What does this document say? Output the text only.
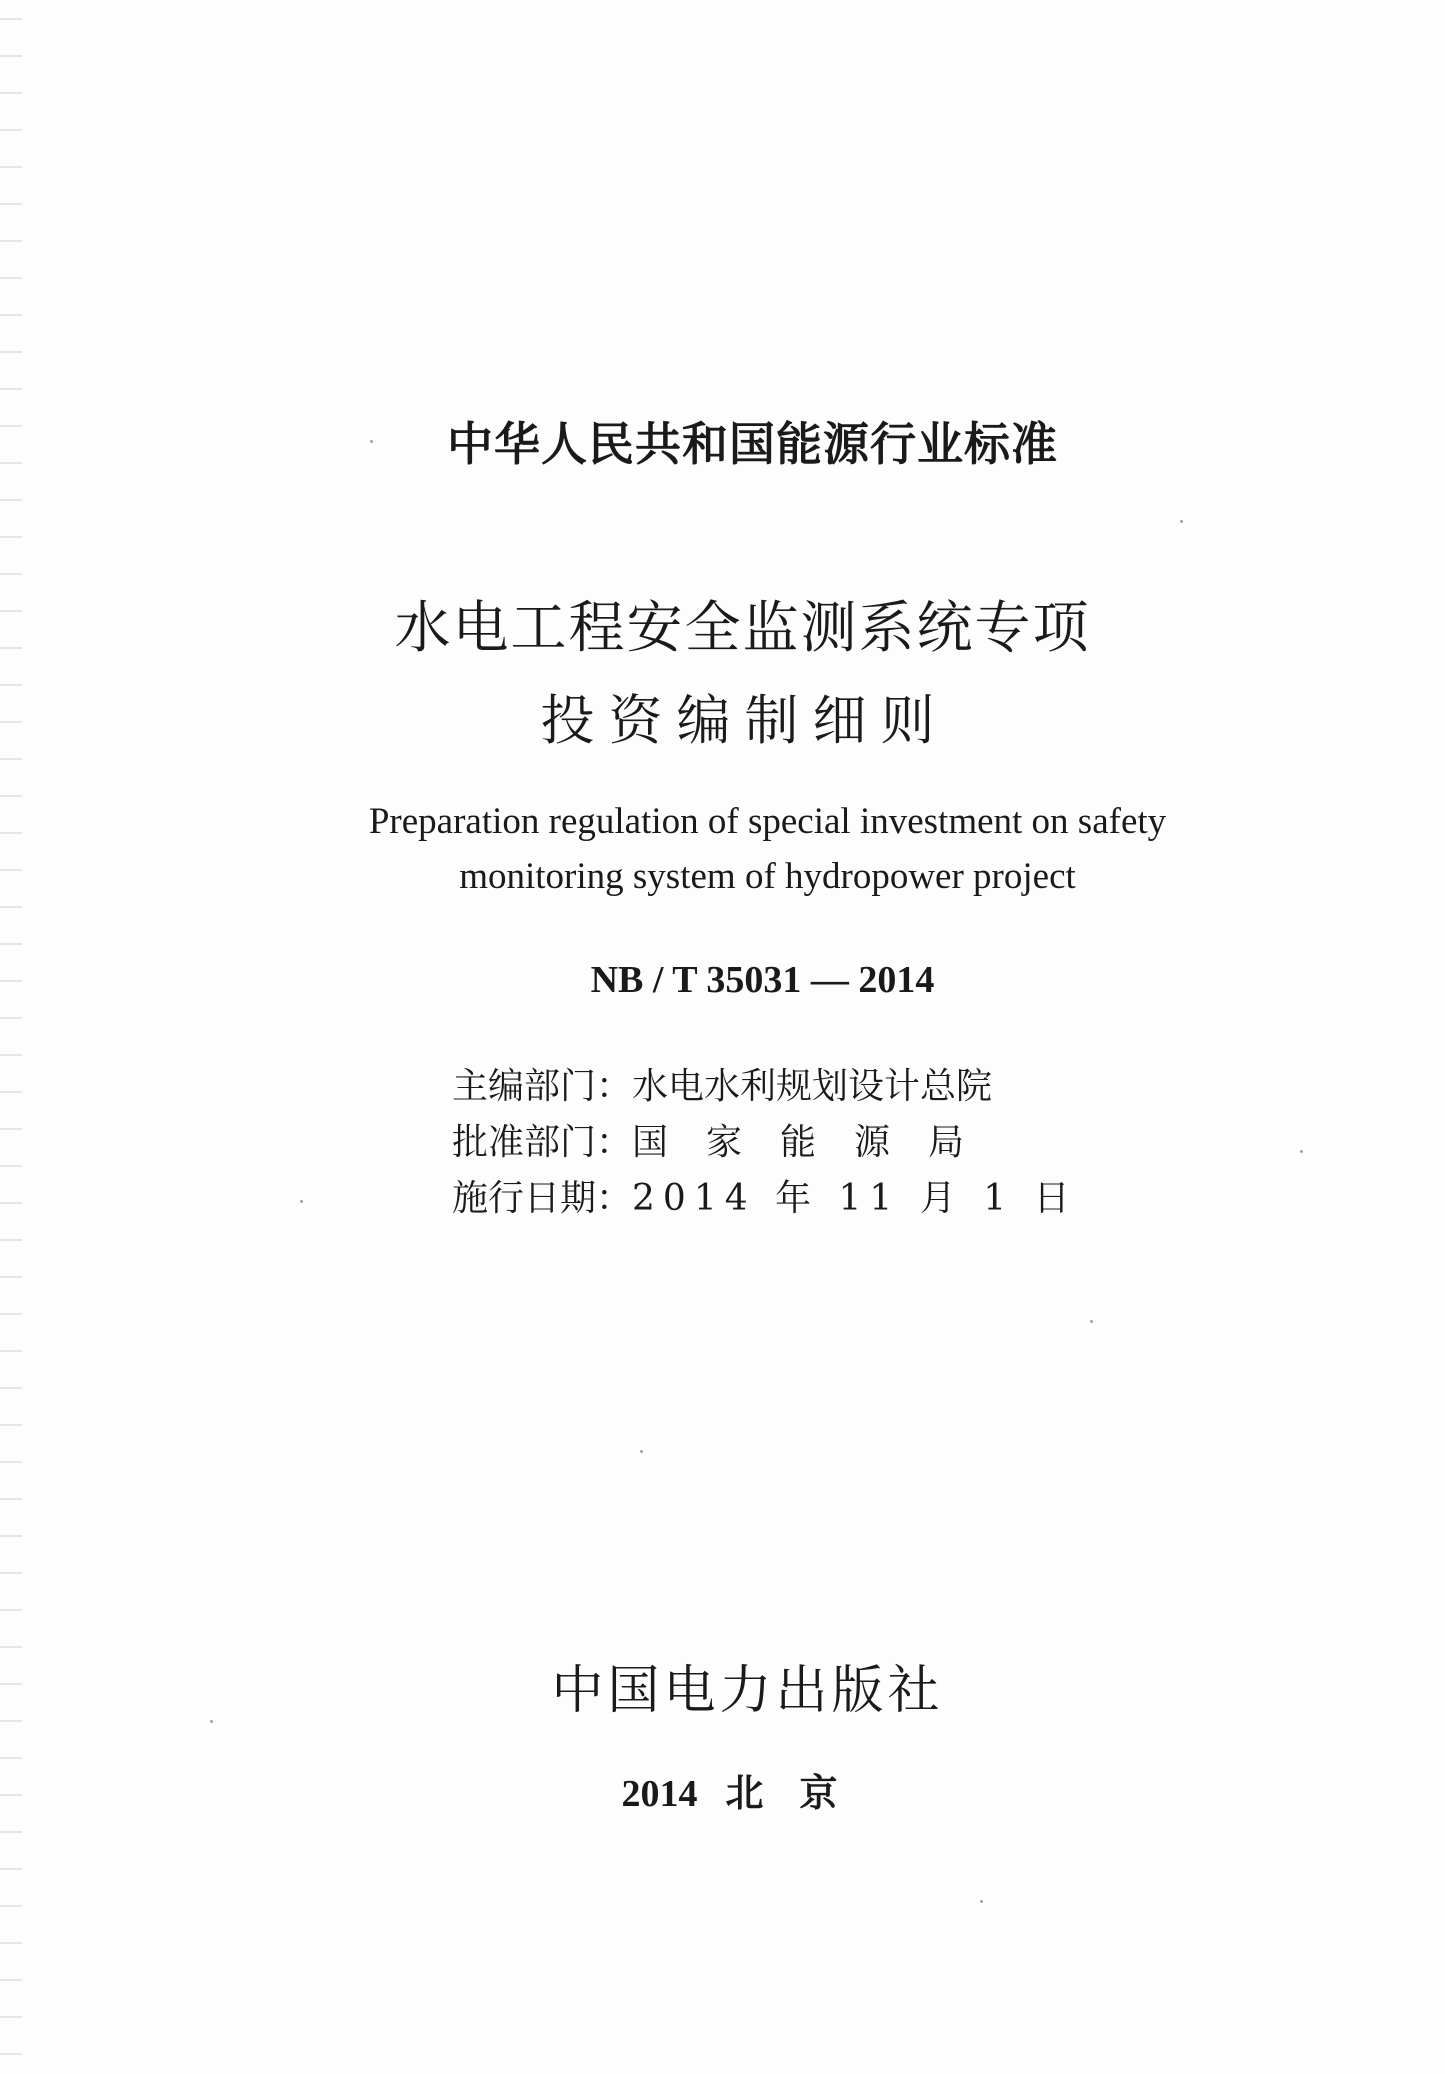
中华人民共和国能源行业标准
水电工程安全监测系统专项
投资编制细则
Preparation regulation of special investment on safety
monitoring system of hydropower project
NB / T 35031 — 2014
主编部门：水电水利规划设计总院
批准部门：国家能源局
施行日期：2014 年 11 月 1 日
中国电力出版社
2014 北京
